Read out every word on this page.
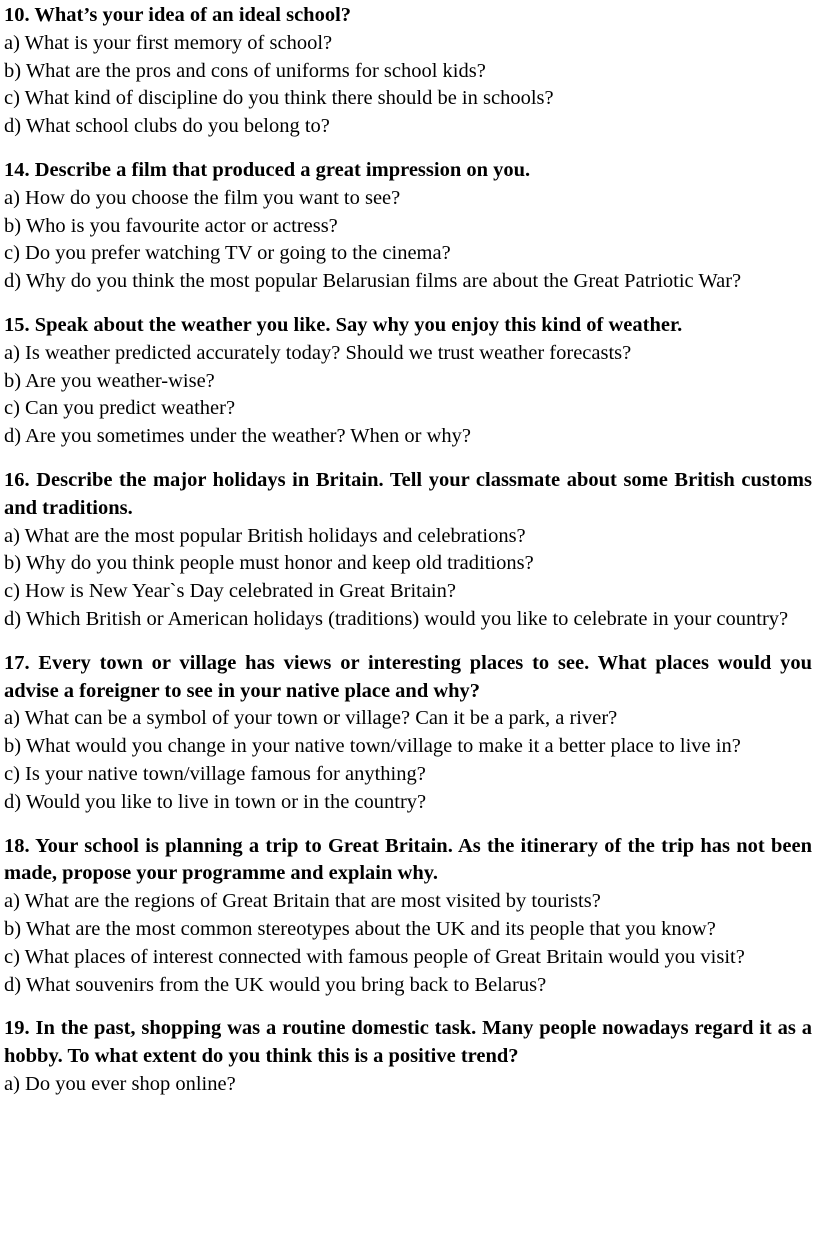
10. What’s your idea of an ideal school?
a) What is your first memory of school?
b) What are the pros and cons of uniforms for school kids?
c) What kind of discipline do you think there should be in schools?
d) What school clubs do you belong to?
14. Describe a film that produced a great impression on you.
a) How do you choose the film you want to see?
b) Who is you favourite actor or actress?
c) Do you prefer watching TV or going to the cinema?
d) Why do you think the most popular Belarusian films are about the Great Patriotic War?
15. Speak about the weather you like. Say why you enjoy this kind of weather.
a) Is weather predicted accurately today? Should we trust weather forecasts?
b) Are you weather-wise?
c) Can you predict weather?
d) Are you sometimes under the weather? When or why?
16. Describe the major holidays in Britain. Tell your classmate about some British customs and traditions.
a) What are the most popular British holidays and celebrations?
b) Why do you think people must honor and keep old traditions?
c) How is New Year`s Day celebrated in Great Britain?
d) Which British or American holidays (traditions) would you like to celebrate in your country?
17. Every town or village has views or interesting places to see. What places would you advise a foreigner to see in your native place and why?
a) What can be a symbol of your town or village? Can it be a park, a river?
b) What would you change in your native town/village to make it a better place to live in?
c) Is your native town/village famous for anything?
d) Would you like to live in town or in the country?
18. Your school is planning a trip to Great Britain. As the itinerary of the trip has not been made, propose your programme and explain why.
a) What are the regions of Great Britain that are most visited by tourists?
b) What are the most common stereotypes about the UK and its people that you know?
c) What places of interest connected with famous people of Great Britain would you visit?
d) What souvenirs from the UK would you bring back to Belarus?
19. In the past, shopping was a routine domestic task. Many people nowadays regard it as a hobby. To what extent do you think this is a positive trend?
a) Do you ever shop online?
